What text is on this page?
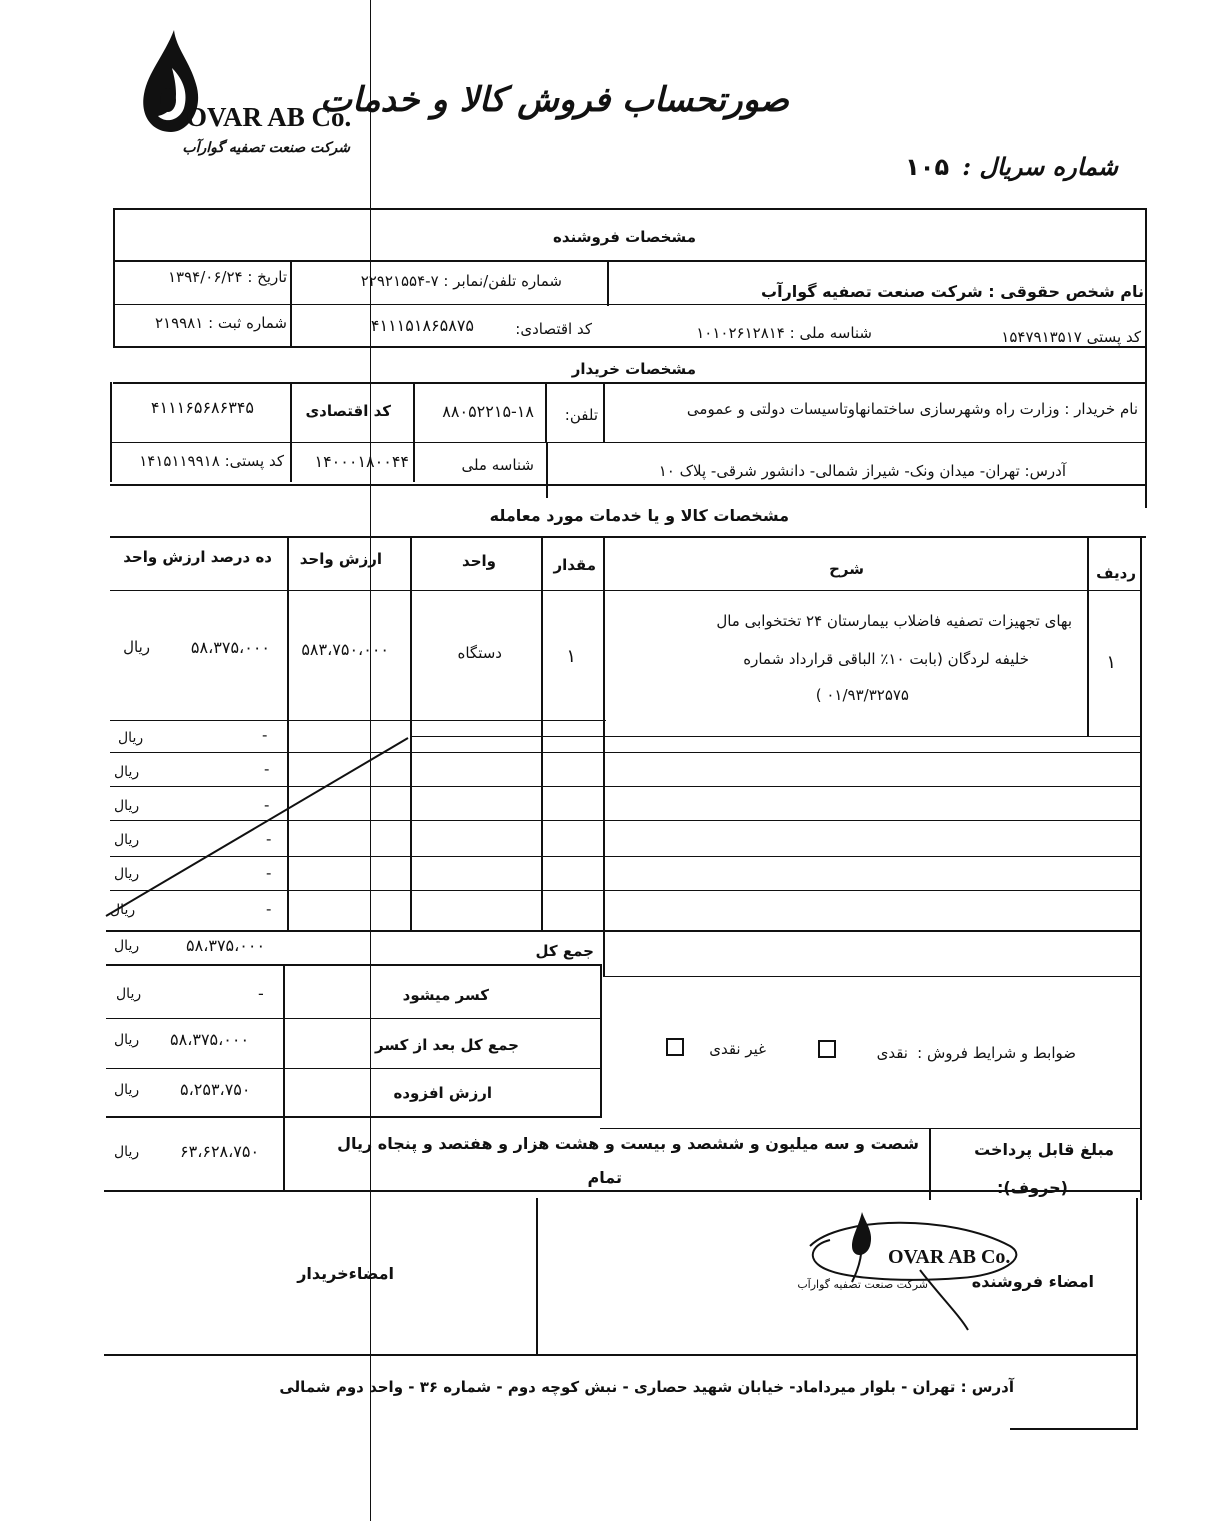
OVAR AB Co.
شرکت صنعت تصفیه گوارآب
صورتحساب فروش کالا و خدمات
شماره سریال : ۱۰۵
مشخصات فروشنده
نام شخص حقوقی : شرکت صنعت تصفیه گوارآب
شماره تلفن/نمابر : ۷-۲۲۹۲۱۵۵۴
تاریخ : ۱۳۹۴/۰۶/۲۴
کد پستی ۱۵۴۷۹۱۳۵۱۷
شناسه ملی : ۱۰۱۰۲۶۱۲۸۱۴
کد اقتصادی:
۴۱۱۱۵۱۸۶۵۸۷۵
شماره ثبت : ۲۱۹۹۸۱
مشخصات خریدار
نام خریدار : وزارت راه وشهرسازی ساختمانهاوتاسیسات دولتی و عمومی
تلفن:
۸۸۰۵۲۲۱۵-۱۸
کد اقتصادی
۴۱۱۱۶۵۶۸۶۳۴۵
آدرس: تهران- میدان ونک- شیراز شمالی- دانشور شرقی- پلاک ۱۰
شناسه ملی
۱۴۰۰۰۱۸۰۰۴۴
کد پستی: ۱۴۱۵۱۱۹۹۱۸
مشخصات کالا و یا خدمات مورد معامله
ردیف
شرح
مقدار
واحد
ارزش واحد
ده درصد ارزش واحد
۱
بهای تجهیزات تصفیه فاضلاب بیمارستان ۲۴ تختخوابی مال
خلیفه لردگان (بابت ۱۰٪ الباقی قرارداد شماره
( ۰۱/۹۳/۳۲۵۷۵
۱
دستگاه
۵۸۳،۷۵۰،۰۰۰
۵۸،۳۷۵،۰۰۰
ریال
-
ریال
-
ریال
-
ریال
-
ریال
-
ریال
-
ریال
جمع کل
۵۸،۳۷۵،۰۰۰
ریال
کسر میشود
-
ریال
جمع کل بعد از کسر
۵۸،۳۷۵،۰۰۰
ریال
ارزش افزوده
۵،۲۵۳،۷۵۰
ریال
ضوابط و شرایط فروش :
نقدی
غیر نقدی
مبلغ قابل پرداخت
(حروف):
شصت و سه میلیون و ششصد و بیست و هشت هزار و هفتصد و پنجاه ریال
تمام
۶۳،۶۲۸،۷۵۰
ریال
امضاءخریدار	امضاء فروشنده
OVAR AB Co.
شرکت صنعت تصفیه گوارآب
آدرس : تهران - بلوار میرداماد- خیابان شهید حصاری - نبش کوچه دوم - شماره ۳۶ - واحد دوم شمالی
